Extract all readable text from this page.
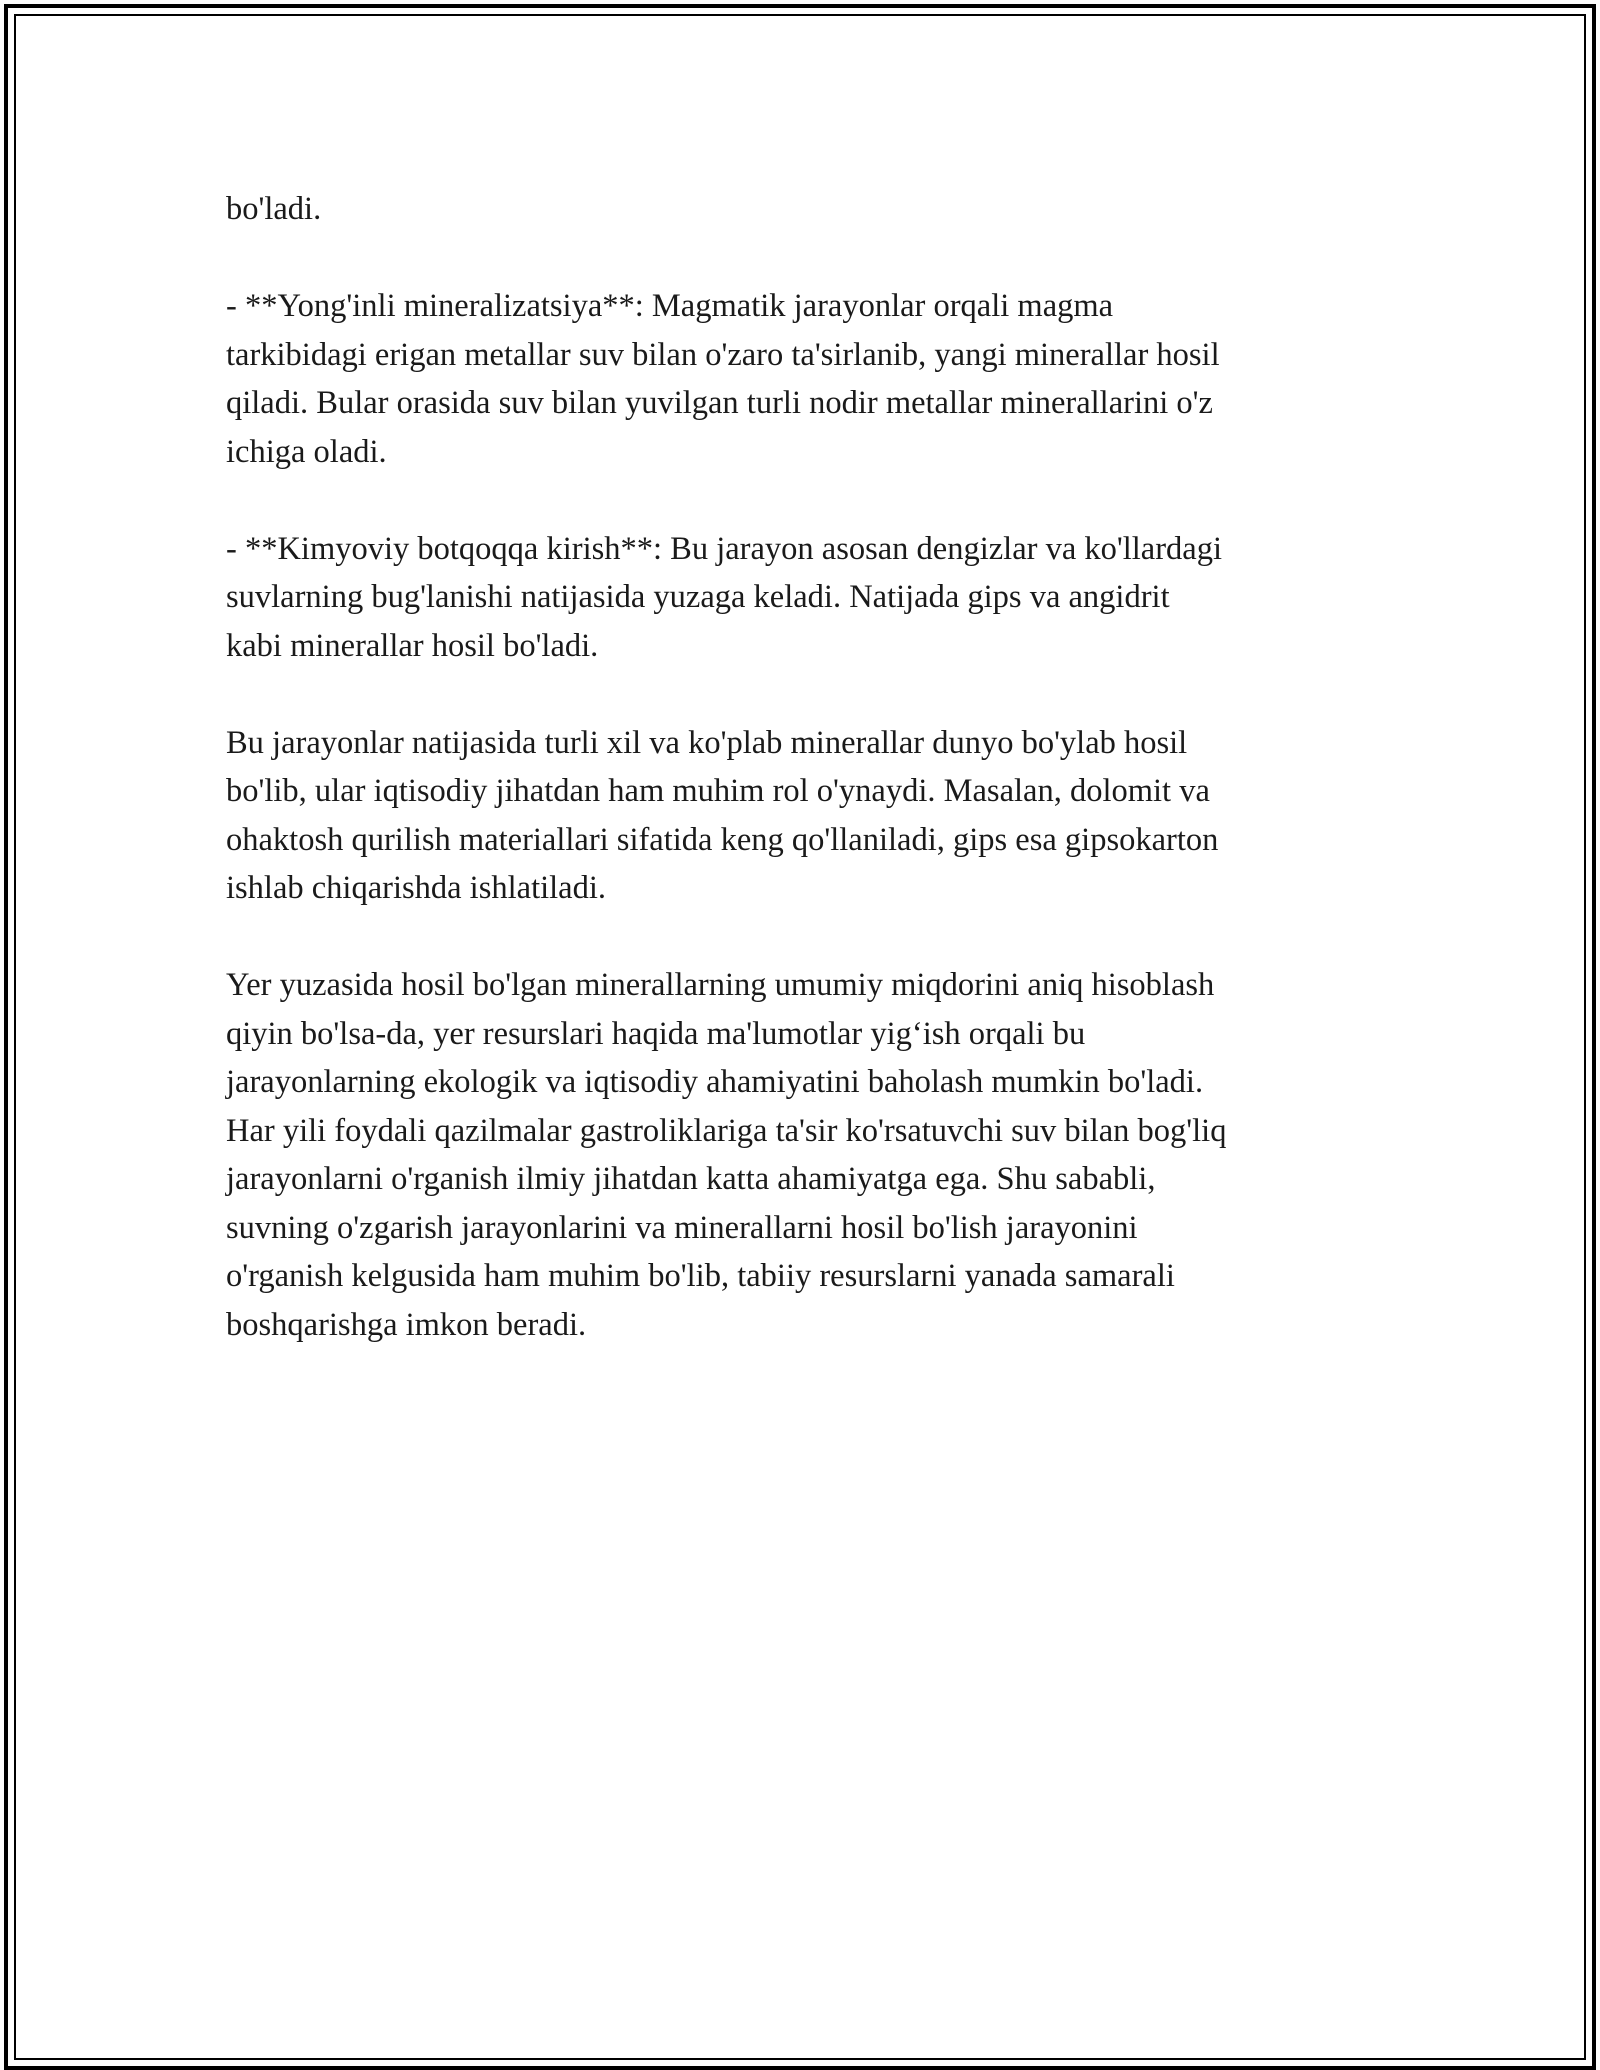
bo'ladi.

- **Yong'inli mineralizatsiya**: Magmatik jarayonlar orqali magma
tarkibidagi erigan metallar suv bilan o'zaro ta'sirlanib, yangi minerallar hosil
qiladi. Bular orasida suv bilan yuvilgan turli nodir metallar minerallarini o'z
ichiga oladi.

- **Kimyoviy botqoqqa kirish**: Bu jarayon asosan dengizlar va ko'llardagi
suvlarning bug'lanishi natijasida yuzaga keladi. Natijada gips va angidrit
kabi minerallar hosil bo'ladi.

Bu jarayonlar natijasida turli xil va ko'plab minerallar dunyo bo'ylab hosil
bo'lib, ular iqtisodiy jihatdan ham muhim rol o'ynaydi. Masalan, dolomit va
ohaktosh qurilish materiallari sifatida keng qo'llaniladi, gips esa gipsokarton
ishlab chiqarishda ishlatiladi.

Yer yuzasida hosil bo'lgan minerallarning umumiy miqdorini aniq hisoblash
qiyin bo'lsa-da, yer resurslari haqida ma'lumotlar yig‘ish orqali bu
jarayonlarning ekologik va iqtisodiy ahamiyatini baholash mumkin bo'ladi.
Har yili foydali qazilmalar gastroliklariga ta'sir ko'rsatuvchi suv bilan bog'liq
jarayonlarni o'rganish ilmiy jihatdan katta ahamiyatga ega. Shu sababli,
suvning o'zgarish jarayonlarini va minerallarni hosil bo'lish jarayonini
o'rganish kelgusida ham muhim bo'lib, tabiiy resurslarni yanada samarali
boshqarishga imkon beradi.
